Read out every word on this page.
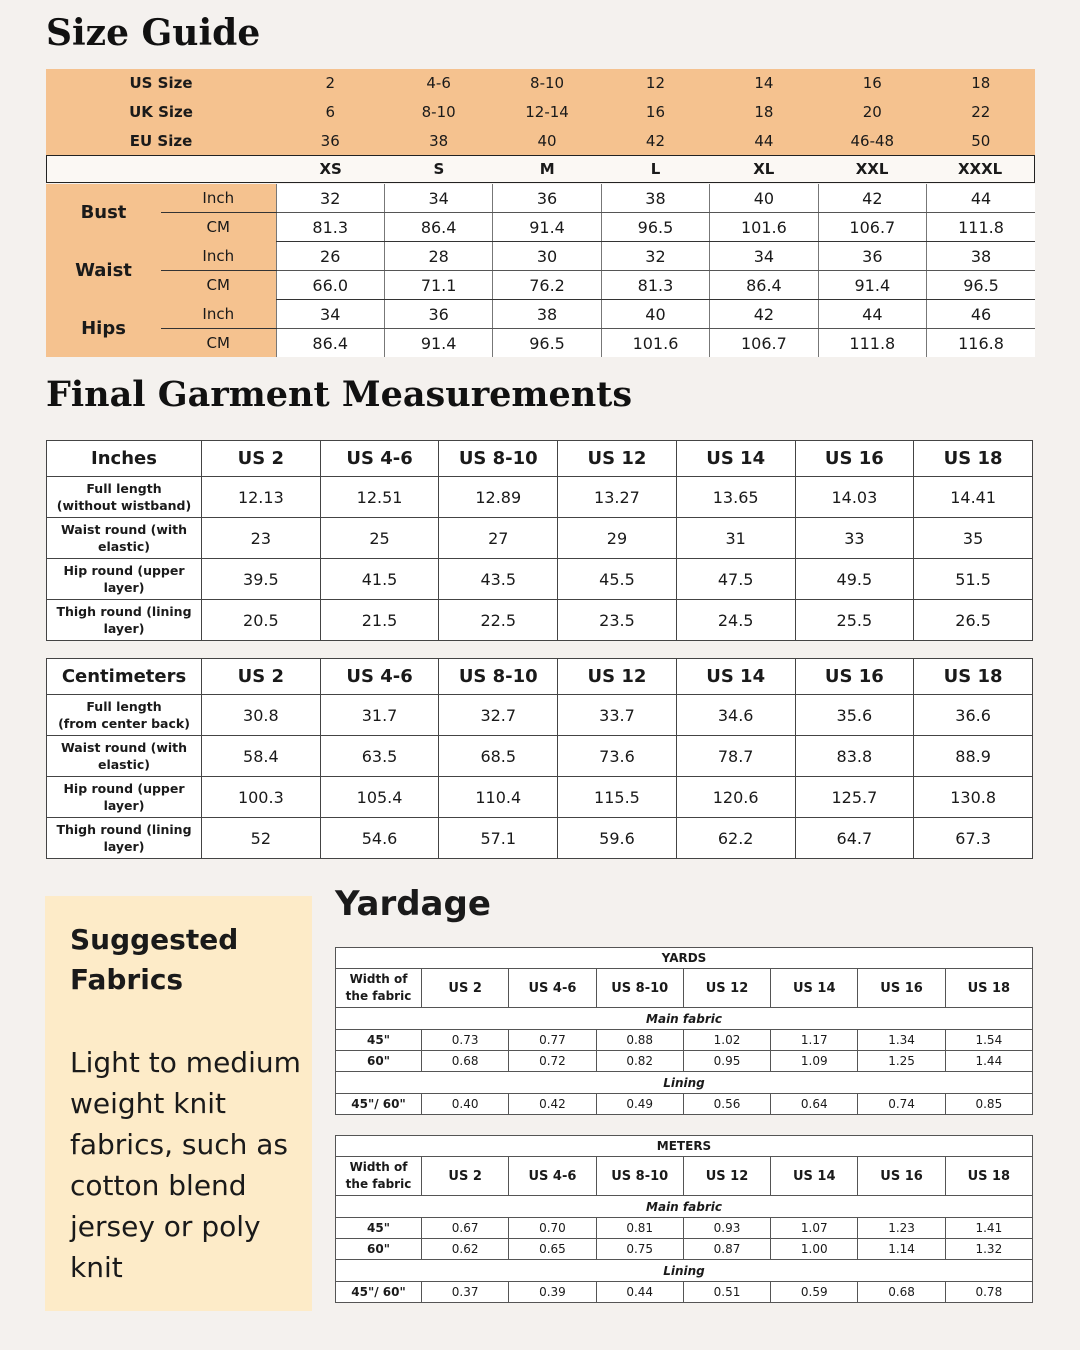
Size Guide
US Size	2	4-6	8-10	12	14	16	18
UK Size	6	8-10	12-14	16	18	20	22
EU Size	36	38	40	42	44	46-48	50
	XS	S	M	L	XL	XXL	XXXL
Bust	Inch	32	34	36	38	40	42	44
	CM	81.3	86.4	91.4	96.5	101.6	106.7	111.8
Waist	Inch	26	28	30	32	34	36	38
	CM	66.0	71.1	76.2	81.3	86.4	91.4	96.5
Hips	Inch	34	36	38	40	42	44	46
	CM	86.4	91.4	96.5	101.6	106.7	111.8	116.8
Final Garment Measurements
Inches	US 2	US 4-6	US 8-10	US 12	US 14	US 16	US 18
Full length
(without wistband)	12.13	12.51	12.89	13.27	13.65	14.03	14.41
Waist round (with elastic)	23	25	27	29	31	33	35
Hip round (upper layer)	39.5	41.5	43.5	45.5	47.5	49.5	51.5
Thigh round (lining layer)	20.5	21.5	22.5	23.5	24.5	25.5	26.5
Centimeters	US 2	US 4-6	US 8-10	US 12	US 14	US 16	US 18
Full length
(from center back)	30.8	31.7	32.7	33.7	34.6	35.6	36.6
Waist round (with elastic)	58.4	63.5	68.5	73.6	78.7	83.8	88.9
Hip round (upper layer)	100.3	105.4	110.4	115.5	120.6	125.7	130.8
Thigh round (lining layer)	52	54.6	57.1	59.6	62.2	64.7	67.3
Suggested Fabrics
Light to medium weight knit fabrics, such as cotton blend jersey or poly knit
Yardage
YARDS							
Width of
the fabric	US 2	US 4-6	US 8-10	US 12	US 14	US 16	US 18
Main fabric							
45"	0.73	0.77	0.88	1.02	1.17	1.34	1.54
60"	0.68	0.72	0.82	0.95	1.09	1.25	1.44
Lining							
45"/ 60"	0.40	0.42	0.49	0.56	0.64	0.74	0.85
METERS							
Width of
the fabric	US 2	US 4-6	US 8-10	US 12	US 14	US 16	US 18
Main fabric							
45"	0.67	0.70	0.81	0.93	1.07	1.23	1.41
60"	0.62	0.65	0.75	0.87	1.00	1.14	1.32
Lining							
45"/ 60"	0.37	0.39	0.44	0.51	0.59	0.68	0.78
